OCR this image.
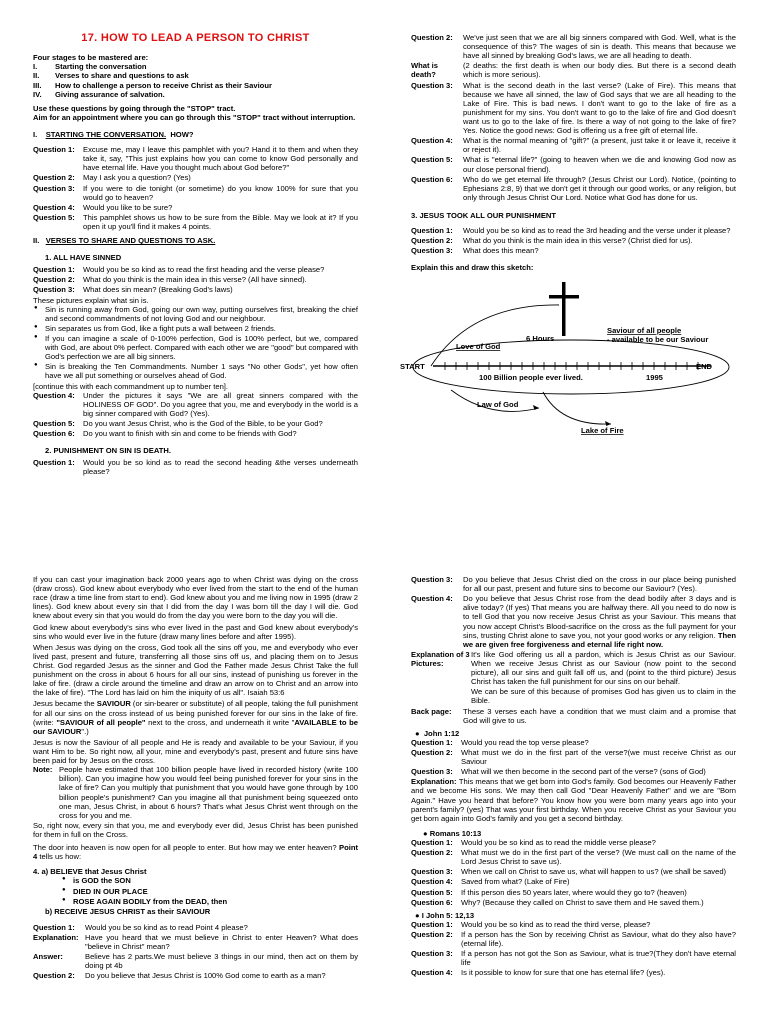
17. HOW TO LEAD A PERSON TO CHRIST
Four stages to be mastered are:
I.	Starting the conversation
II.	Verses to share and questions to ask
III.	How to challenge a person to receive Christ as their Saviour
IV.	Giving assurance of salvation.
Use these questions by going through the "STOP" tract.
Aim for an appointment where you can go through this "STOP" tract without interruption.
I. STARTING THE CONVERSATION. HOW?
Question 1:	Excuse me, may I leave this pamphlet with you? Hand it to them and when they take it, say, "This just explains how you can come to know God personally and have eternal life. Have you thought much about God before?"
Question 2:	May I ask you a question? (Yes)
Question 3:	If you were to die tonight (or sometime) do you know 100% for sure that you would go to heaven?
Question 4:	Would you like to be sure?
Question 5:	This pamphlet shows us how to be sure from the Bible. May we look at it? If you open it up you'll find it makes 4 points.
II. VERSES TO SHARE AND QUESTIONS TO ASK.
1. ALL HAVE SINNED
Question 1:	Would you be so kind as to read the first heading and the verse please?
Question 2:	What do you think is the main idea in this verse? (All have sinned).
Question 3:	What does sin mean? (Breaking God's laws)
These pictures explain what sin is.
● Sin is running away from God, going our own way, putting ourselves first, breaking the chief and second commandments of not loving God and our neighbour.
● Sin separates us from God, like a fight puts a wall between 2 friends.
● If you can imagine a scale of 0-100% perfection, God is 100% perfect, but we, compared with God, are about 0% perfect. Compared with each other we are "good" but compared with God's perfection we are all big sinners.
● Sin is breaking the Ten Commandments. Number 1 says "No other Gods", yet how often have we all put something or ourselves ahead of God.
[continue this with each commandment up to number ten].
Question 4:	Under the pictures it says "We are all great sinners compared with the HOLINESS OF GOD". Do you agree that you, me and everybody in the world is a big sinner compared with God? (Yes).
Question 5:	Do you want Jesus Christ, who is the God of the Bible, to be your God?
Question 6:	Do you want to finish with sin and come to be friends with God?
2. PUNISHMENT ON SIN IS DEATH.
Question 1:	Would you be so kind as to read the second heading &the verses underneath please?
Question 2:	We've just seen that we are all big sinners compared with God. Well, what is the consequence of this? The wages of sin is death. This means that because we have all sinned by breaking God's laws, we are all heading to death.
What is death?
(2 deaths: the first death is when our body dies. But there is a second death which is more serious).
Question 3:	What is the second death in the last verse? (Lake of Fire). This means that because we have all sinned, the law of God says that we are all heading to the Lake of Fire. This is bad news. I don't want to go to the lake of fire as a punishment for my sins. You don't want to go to the lake of fire and God doesn't want us to go to the lake of fire. Is there a way of not going to the lake of fire? Yes. Notice the good news: God is offering us a free gift of eternal life.
Question 4:	What is the normal meaning of "gift?" (a present, just take it or leave it, receive it or reject it).
Question 5:	What is "eternal life?" (going to heaven when we die and knowing God now as our close personal friend).
Question 6:	Who do we get eternal life through? (Jesus Christ our Lord). Notice, (pointing to Ephesians 2:8, 9) that we don't get it through our good works, or any religion, but only through Jesus Christ Our Lord. Notice what God has done for us.
3. JESUS TOOK ALL OUR PUNISHMENT
Question 1:	Would you be so kind as to read the 3rd heading and the verse under it please?
Question 2:	What do you think is the main idea in this verse? (Christ died for us).
Question 3:	What does this mean?
Explain this and draw this sketch:
6 Hours
Saviour of all people
- available to be our Saviour
Love of God
START	END
100 Billion people ever lived.	1995
Law of God
Lake of Fire

If you can cast your imagination back 2000 years ago to when Christ was dying on the cross (draw cross). God knew about everybody who ever lived from the start to the end of the human race (draw a time line from start to end). God knew about you and me living now in 1995 (draw 2 lines). God knew about every sin that I did from the day I was born till the day I will die. God knew about every sin that you would do from the day you were born to the day you will die.

God knew about everybody's sins who ever lived in the past and God knew about everybody's sins who would ever live in the future (draw many lines before and after 1995).

When Jesus was dying on the cross, God took all the sins off you, me and everybody who ever lived past, present and future, transferring all those sins off us, and placing them on to Jesus Christ. God regarded Jesus as the sinner and God the Father made Jesus Christ Take the full punishment on the cross in about 6 hours for all our sins, instead of punishing us forever in the lake of fire. (draw a circle around the timeline and draw an arrow on to Christ and an arrow into the lake of fire). "The Lord has laid on him the iniquity of us all". Isaiah 53:6

Jesus became the SAVIOUR (or sin-bearer or substitute) of all people, taking the full punishment for all our sins on the cross instead of us being punished forever for our sins in the lake of fire. (write: "SAVIOUR of all people" next to the cross, and underneath it write "AVAILABLE to be our SAVIOUR".)

Jesus is now the Saviour of all people and He is ready and available to be your Saviour, if you want Him to be. So right now, all your, mine and everybody's past, present and future sins have been paid for by Jesus on the cross.

Note: People have estimated that 100 billion people have lived in recorded history (write 100 billion). Can you imagine how you would feel being punished forever for your sins in the lake of fire? Can you multiply that punishment that you would have gone through by 100 billion people's punishment? Can you imagine all that punishment being squeezed onto one man, Jesus Christ, in about 6 hours? That's what Jesus Christ went through on the cross for you and me.

So, right now, every sin that you, me and everybody ever did, Jesus Christ has been punished for them in full on the Cross.

The door into heaven is now open for all people to enter. But how may we enter heaven? Point 4 tells us how:

4. a) BELIEVE that Jesus Christ
● is GOD the SON
● DIED IN OUR PLACE
● ROSE AGAIN BODILY from the DEAD, then
b) RECEIVE JESUS CHRIST as their SAVIOUR
Question 1:	Would you be so kind as to read Point 4 please?
Explanation: Have you heard that we must believe in Christ to enter Heaven? What does "believe in Christ" mean?
Answer:	Believe has 2 parts.We must believe 3 things in our mind, then act on them by doing pt 4b
Question 2:	Do you believe that Jesus Christ is 100% God come to earth as a man?
Question 3:	Do you believe that Jesus Christ died on the cross in our place being punished for all our past, present and future sins to become our Saviour? (Yes).
Question 4:	Do you believe that Jesus Christ rose from the dead bodily after 3 days and is alive today? (If yes) That means you are halfway there. All you need to do now is to tell God that you now receive Jesus Christ as your Saviour. This means that you now accept Christ's Blood-sacrifice on the cross as the full payment for your sins, trusting Christ alone to save you, not your good works or any religion. Then we are given free forgiveness and eternal life right now.
Explanation of 3 Pictures:
It's like God offering us all a pardon, which is Jesus Christ as our Saviour. When we receive Jesus Christ as our Saviour (now point to the second picture), all our sins and guilt fall off us, and (point to the third picture) Jesus Christ has taken the full punishment for our sins on our behalf.
We can be sure of this because of promises God has given us to claim in the Bible.
Back page:	These 3 verses each have a condition that we must claim and a promise that God will give to us.
● John 1:12
Question 1:	Would you read the top verse please?
Question 2:	What must we do in the first part of the verse?(we must receive Christ as our Saviour
Question 3:	What will we then become in the second part of the verse? (sons of God)

Explanation: This means that we get born into God's family. God becomes our Heavenly Father and we become His sons. We may then call God "Dear Heavenly Father" and we are "Born Again." Have you heard that before? You know how you were born many years ago into your parent's family? (yes) That was your first birthday. When you receive Christ as your Saviour you get born again into God's family and you get a second birthday.

● Romans 10:13
Question 1:	Would you be so kind as to read the middle verse please?
Question 2:	What must we do in the first part of the verse? (We must call on the name of the Lord Jesus Christ to save us).
Question 3:	When we call on Christ to save us, what will happen to us? (we shall be saved)
Question 4:	Saved from what? (Lake of Fire)
Question 5:	If this person dies 50 years later, where would they go to? (heaven)
Question 6:	Why? (Because they called on Christ to save them and He saved them.)
● I John 5: 12,13
Question 1:	Would you be so kind as to read the third verse, please?
Question 2:	If a person has the Son by receiving Christ as Saviour, what do they also have? (eternal life).
Question 3:	If a person has not got the Son as Saviour, what is true?(They don't have eternal life
Question 4:	Is it possible to know for sure that one has eternal life? (yes).
